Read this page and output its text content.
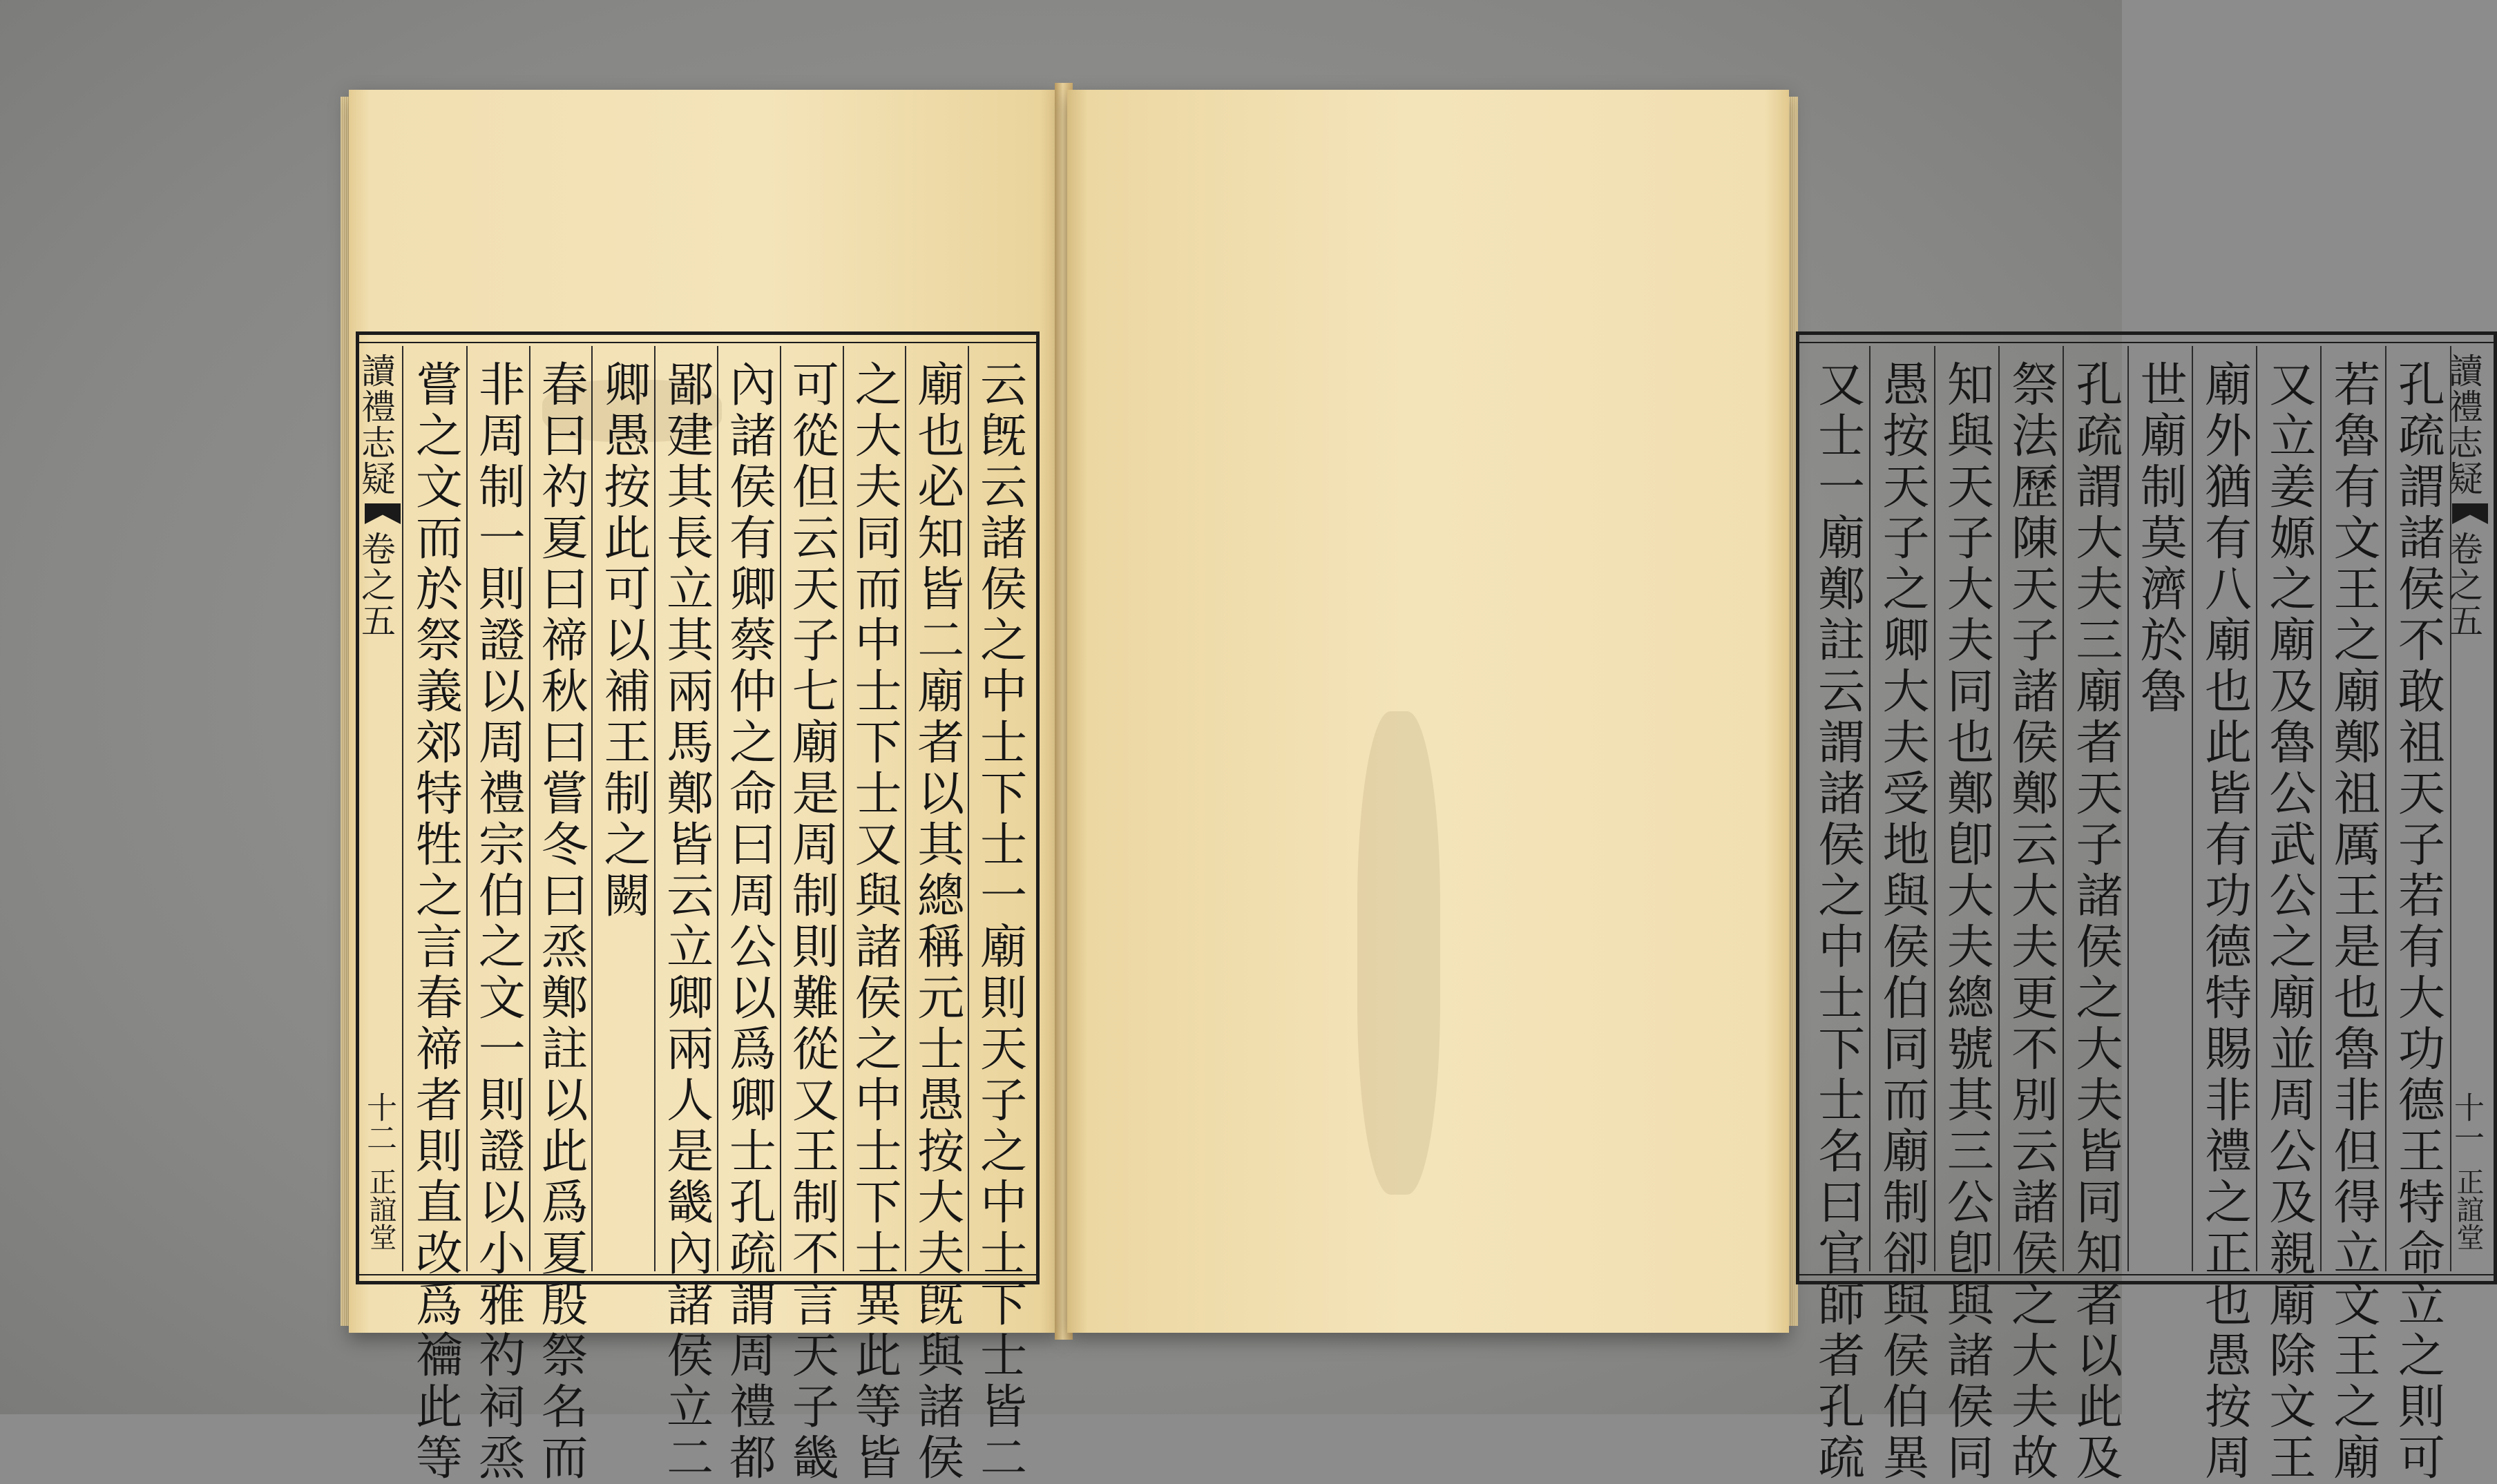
讀禮志疑
卷之五
十二
正誼堂	云旣云諸侯之中士下士一廟則天子之中士下士皆二
廟也必知皆二廟者以其總稱元士愚按大夫旣與諸侯
之大夫同而中士下士又與諸侯之中士下士異此等皆
可從但云天子七廟是周制則難從又王制不言天子畿
內諸侯有卿蔡仲之命曰周公以爲卿士孔疏謂周禮都
鄙建其長立其兩馬鄭皆云立卿兩人是畿內諸侯立二
卿愚按此可以補王制之闕
春曰礿夏曰禘秋曰嘗冬曰烝鄭註以此爲夏殷祭名而
非周制一則證以周禮宗伯之文一則證以小雅礿祠烝
嘗之文而於祭義郊特牲之言春禘者則直改爲禴此等	讀禮志疑
卷之五
十一
正誼堂
孔疏謂諸侯不敢祖天子若有大功德王特命立之則可
若魯有文王之廟鄭祖厲王是也魯非但得立文王之廟
又立姜嫄之廟及魯公武公之廟並周公及親廟除文王
廟外猶有八廟也此皆有功德特賜非禮之正也愚按周
世廟制莫濟於魯
孔疏謂大夫三廟者天子諸侯之大夫皆同知者以此及
祭法歷陳天子諸侯鄭云大夫更不別云諸侯之大夫故
知與天子大夫同也鄭卽大夫總號其三公卽與諸侯同
愚按天子之卿大夫受地與侯伯同而廟制卻與侯伯異
又士一廟鄭註云謂諸侯之中士下士名曰官師者孔疏
